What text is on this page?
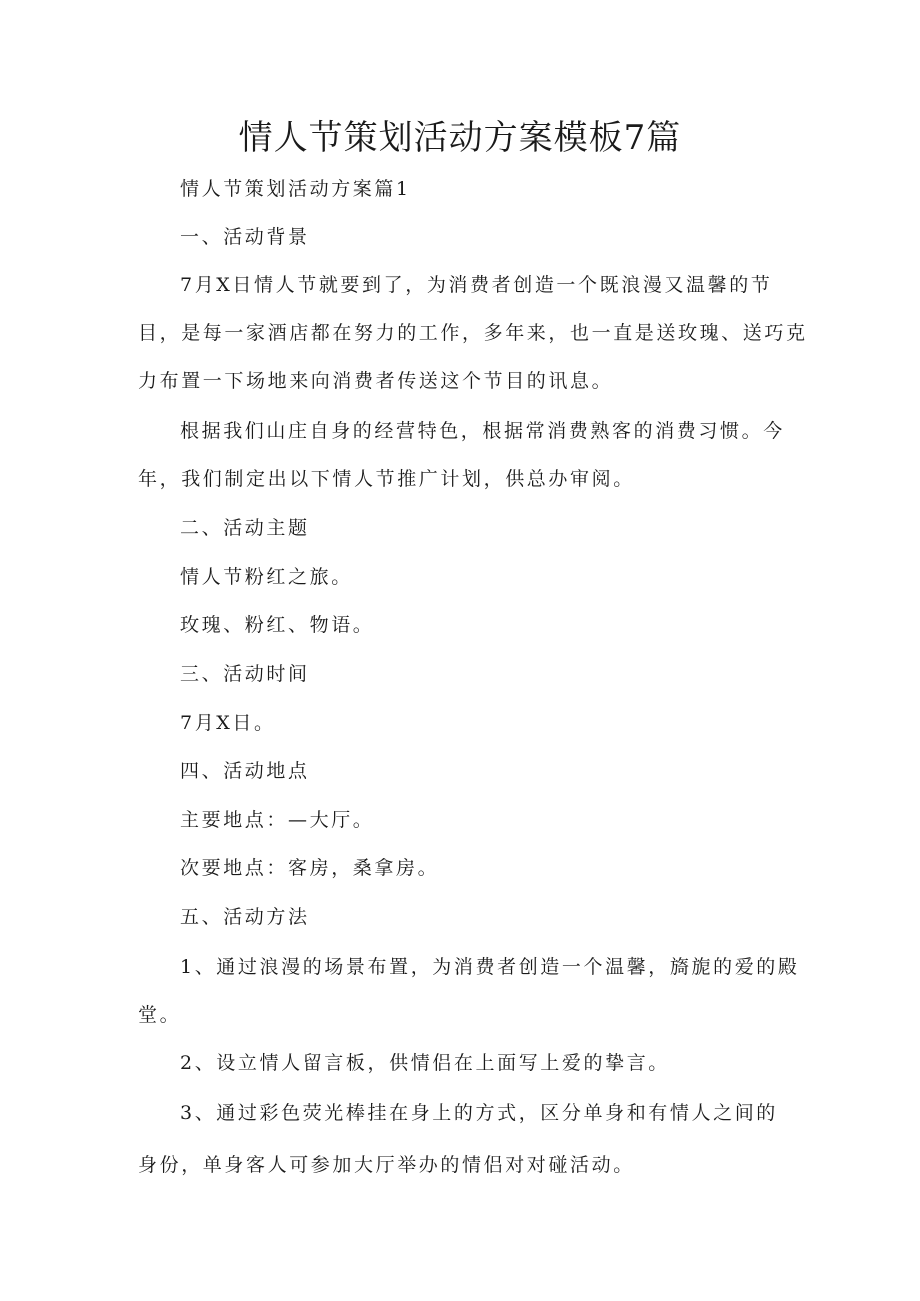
情人节策划活动方案模板7篇

情人节策划活动方案篇1

一、活动背景

7月X日情人节就要到了，为消费者创造一个既浪漫又温馨的节

目，是每一家酒店都在努力的工作，多年来，也一直是送玫瑰、送巧克

力布置一下场地来向消费者传送这个节目的讯息。

根据我们山庄自身的经营特色，根据常消费熟客的消费习惯。今

年，我们制定出以下情人节推广计划，供总办审阅。

二、活动主题

情人节粉红之旅。

玫瑰、粉红、物语。

三、活动时间

7月X日。

四、活动地点

主要地点：—大厅。

次要地点：客房，桑拿房。

五、活动方法

1、通过浪漫的场景布置，为消费者创造一个温馨，旖旎的爱的殿

堂。

2、设立情人留言板，供情侣在上面写上爱的挚言。

3、通过彩色荧光棒挂在身上的方式，区分单身和有情人之间的

身份，单身客人可参加大厅举办的情侣对对碰活动。
